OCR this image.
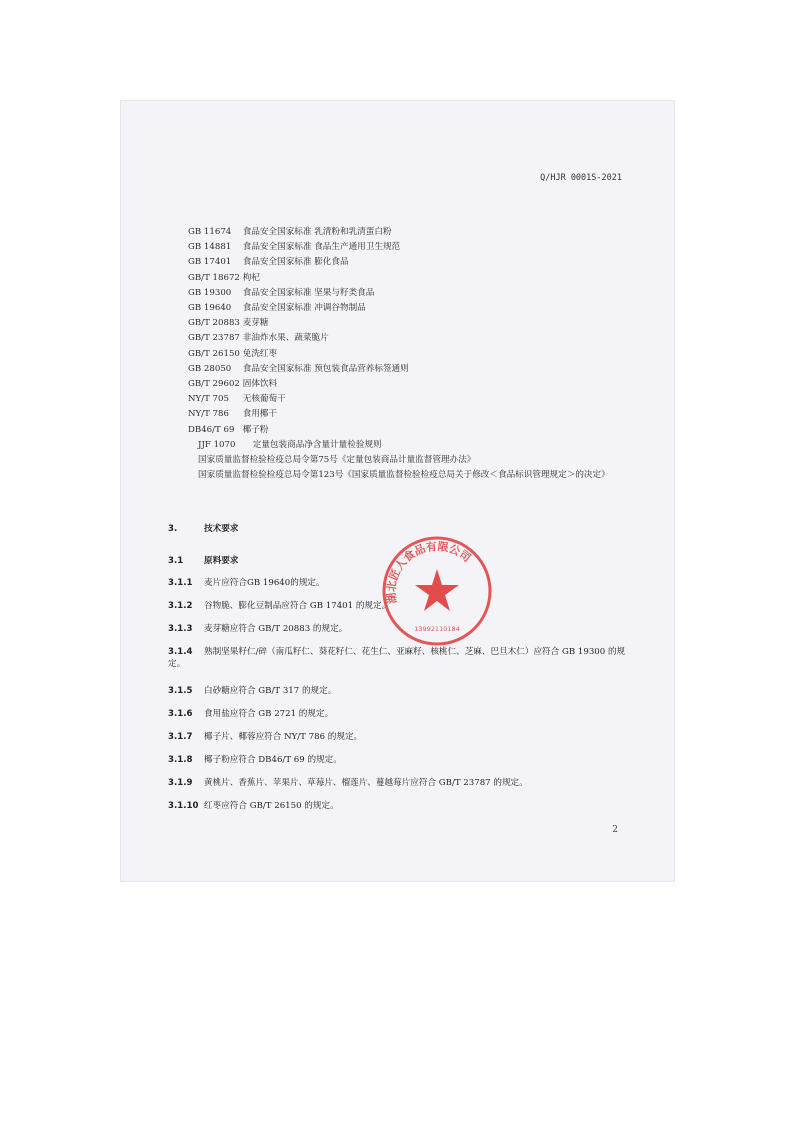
Q/HJR 0001S-2021
GB 11674 食品安全国家标准 乳清粉和乳清蛋白粉
GB 14881 食品安全国家标准 食品生产通用卫生规范
GB 17401 食品安全国家标准 膨化食品
GB/T 18672 枸杞
GB 19300 食品安全国家标准 坚果与籽类食品
GB 19640 食品安全国家标准 冲调谷物制品
GB/T 20883 麦芽糖
GB/T 23787 非油炸水果、蔬菜脆片
GB/T 26150 免洗红枣
GB 28050 食品安全国家标准 预包装食品营养标签通则
GB/T 29602 固体饮料
NY/T 705 无核葡萄干
NY/T 786 食用椰干
DB46/T 69 椰子粉
JJF 1070 定量包装商品净含量计量检验规则
国家质量监督检验检疫总局令第75号《定量包装商品计量监督管理办法》
国家质量监督检验检疫总局令第123号《国家质量监督检验检疫总局关于修改＜食品标识管理规定＞的决定》
3.	技术要求
3.1 原料要求
3.1.1 麦片应符合GB 19640的规定。
3.1.2 谷物脆、膨化豆制品应符合 GB 17401 的规定。
3.1.3 麦芽糖应符合 GB/T 20883 的规定。
3.1.4 熟制坚果籽仁/碎（南瓜籽仁、葵花籽仁、花生仁、亚麻籽、核桃仁、芝麻、巴旦木仁）应符合 GB 19300 的规定。
3.1.5 白砂糖应符合 GB/T 317 的规定。
3.1.6 食用盐应符合 GB 2721 的规定。
3.1.7 椰子片、椰蓉应符合 NY/T 786 的规定。
3.1.8 椰子粉应符合 DB46/T 69 的规定。
3.1.9 黄桃片、香蕉片、苹果片、草莓片、榴莲片、蔓越莓片应符合 GB/T 23787 的规定。
3.1.10 红枣应符合 GB/T 26150 的规定。
2
湖北匠人食品有限公司
13992110184
